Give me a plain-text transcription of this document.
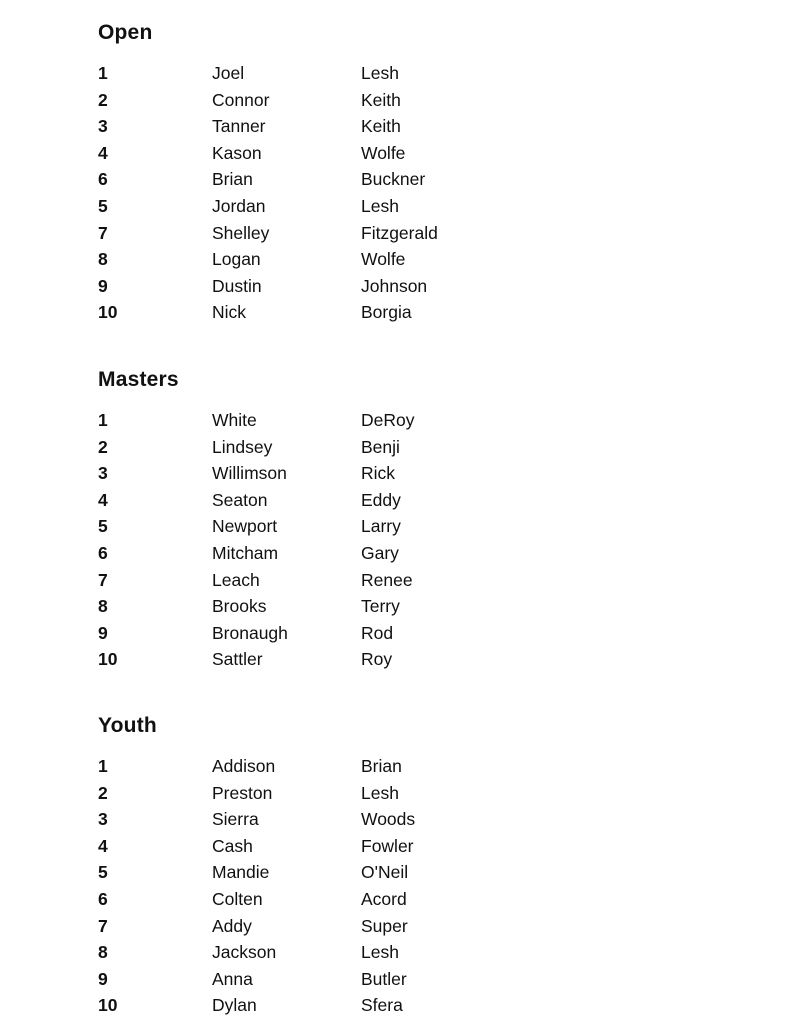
Open
1	Joel	Lesh
2	Connor	Keith
3	Tanner	Keith
4	Kason	Wolfe
6	Brian	Buckner
5	Jordan	Lesh
7	Shelley	Fitzgerald
8	Logan	Wolfe
9	Dustin	Johnson
10	Nick	Borgia
Masters
1	White	DeRoy
2	Lindsey	Benji
3	Willimson	Rick
4	Seaton	Eddy
5	Newport	Larry
6	Mitcham	Gary
7	Leach	Renee
8	Brooks	Terry
9	Bronaugh	Rod
10	Sattler	Roy
Youth
1	Addison	Brian
2	Preston	Lesh
3	Sierra	Woods
4	Cash	Fowler
5	Mandie	O'Neil
6	Colten	Acord
7	Addy	Super
8	Jackson	Lesh
9	Anna	Butler
10	Dylan	Sfera
